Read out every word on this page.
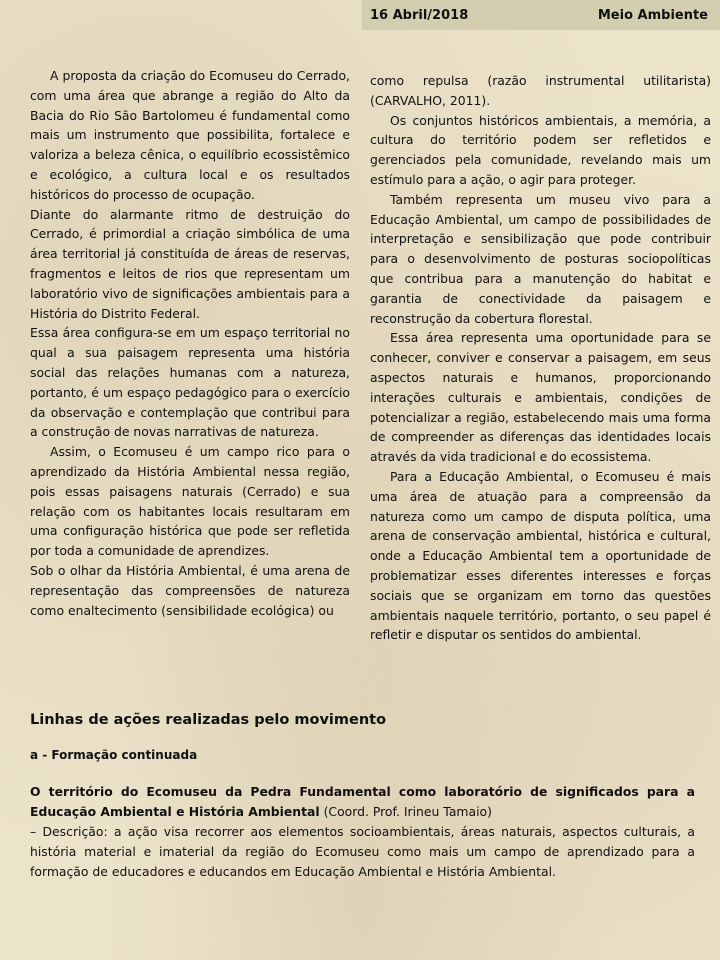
16 Abril/2018	Meio Ambiente

A proposta da criação do Ecomuseu do Cerrado, com uma área que abrange a região do Alto da Bacia do Rio São Bartolomeu é fundamental como mais um instrumento que possibilita, fortalece e valoriza a beleza cênica, o equilíbrio ecossistêmico e ecológico, a cultura local e os resultados históricos do processo de ocupação.

Diante do alarmante ritmo de destruição do Cerrado, é primordial a criação simbólica de uma área territorial já constituída de áreas de reservas, fragmentos e leitos de rios que representam um laboratório vivo de significações ambientais para a História do Distrito Federal.

Essa área configura-se em um espaço territorial no qual a sua paisagem representa uma história social das relações humanas com a natureza, portanto, é um espaço pedagógico para o exercício da observação e contemplação que contribui para a construção de novas narrativas de natureza.

Assim, o Ecomuseu é um campo rico para o aprendizado da História Ambiental nessa região, pois essas paisagens naturais (Cerrado) e sua relação com os habitantes locais resultaram em uma configuração histórica que pode ser refletida por toda a comunidade de aprendizes.

Sob o olhar da História Ambiental, é uma arena de representação das compreensões de natureza como enaltecimento (sensibilidade ecológica) ou

como repulsa (razão instrumental utilitarista) (CARVALHO, 2011).

Os conjuntos históricos ambientais, a memória, a cultura do território podem ser refletidos e gerenciados pela comunidade, revelando mais um estímulo para a ação, o agir para proteger.

Também representa um museu vivo para a Educação Ambiental, um campo de possibilidades de interpretação e sensibilização que pode contribuir para o desenvolvimento de posturas sociopolíticas que contribua para a manutenção do habitat e garantia de conectividade da paisagem e reconstrução da cobertura florestal.

Essa área representa uma oportunidade para se conhecer, conviver e conservar a paisagem, em seus aspectos naturais e humanos, proporcionando interações culturais e ambientais, condições de potencializar a região, estabelecendo mais uma forma de compreender as diferenças das identidades locais através da vida tradicional e do ecossistema.

Para a Educação Ambiental, o Ecomuseu é mais uma área de atuação para a compreensão da natureza como um campo de disputa política, uma arena de conservação ambiental, histórica e cultural, onde a Educação Ambiental tem a oportunidade de problematizar esses diferentes interesses e forças sociais que se organizam em torno das questões ambientais naquele território, portanto, o seu papel é refletir e disputar os sentidos do ambiental.

Linhas de ações realizadas pelo movimento
a - Formação continuada

O território do Ecomuseu da Pedra Fundamental como laboratório de significados para a Educação Ambiental e História Ambiental (Coord. Prof. Irineu Tamaio)
– Descrição: a ação visa recorrer aos elementos socioambientais, áreas naturais, aspectos culturais, a história material e imaterial da região do Ecomuseu como mais um campo de aprendizado para a formação de educadores e educandos em Educação Ambiental e História Ambiental.
